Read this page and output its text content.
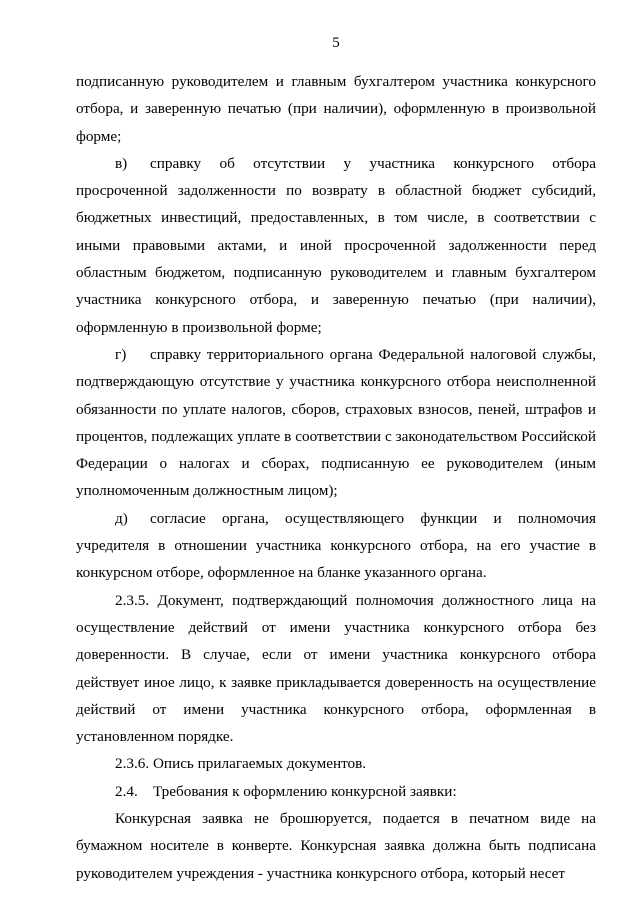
5

подписанную руководителем и главным бухгалтером участника конкурсного отбора, и заверенную печатью (при наличии), оформленную в произвольной форме;

в)	справку об отсутствии у участника конкурсного отбора

просроченной задолженности по возврату в областной бюджет субсидий, бюджетных инвестиций, предоставленных, в том числе, в соответствии с иными правовыми актами, и иной просроченной задолженности перед областным бюджетом, подписанную руководителем и главным бухгалтером участника конкурсного отбора, и заверенную печатью (при наличии), оформленную в произвольной форме;

г)	справку территориального органа Федеральной налоговой службы,

подтверждающую отсутствие у участника конкурсного отбора неисполненной обязанности по уплате налогов, сборов, страховых взносов, пеней, штрафов и процентов, подлежащих уплате в соответствии с законодательством Российской Федерации о налогах и сборах, подписанную ее руководителем (иным уполномоченным должностным лицом);

д)	согласие органа, осуществляющего функции и полномочия

учредителя в отношении участника конкурсного отбора, на его участие в конкурсном отборе, оформленное на бланке указанного органа.

2.3.5. Документ, подтверждающий полномочия должностного лица на осуществление действий от имени участника конкурсного отбора без доверенности. В случае, если от имени участника конкурсного отбора действует иное лицо, к заявке прикладывается доверенность на осуществление действий от имени участника конкурсного отбора, оформленная в установленном порядке.

2.3.6. Опись прилагаемых документов.

2.4. Требования к оформлению конкурсной заявки:

Конкурсная заявка не брошюруется, подается в печатном виде на бумажном носителе в конверте. Конкурсная заявка должна быть подписана руководителем учреждения - участника конкурсного отбора, который несет
